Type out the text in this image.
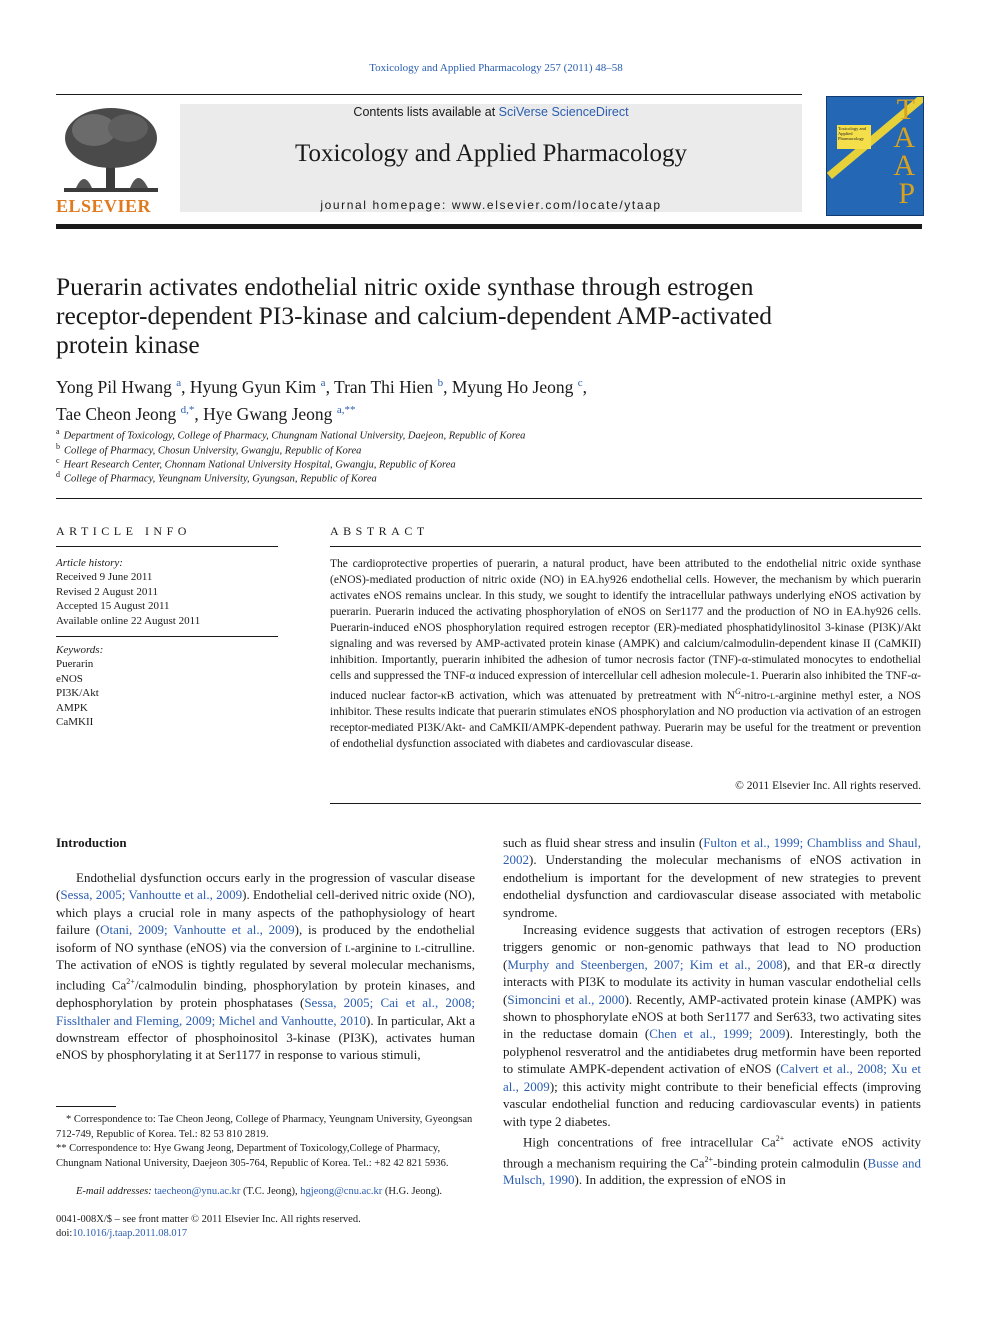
Toxicology and Applied Pharmacology 257 (2011) 48–58
ELSEVIER
Contents lists available at SciVerse ScienceDirect
Toxicology and Applied Pharmacology
journal homepage: www.elsevier.com/locate/ytaap
Toxicology and Applied Pharmacology
T
A
A
P
Puerarin activates endothelial nitric oxide synthase through estrogen receptor-dependent PI3-kinase and calcium-dependent AMP-activated protein kinase
Yong Pil Hwang $^a$, Hyung Gyun Kim $^a$, Tran Thi Hien $^b$, Myung Ho Jeong $^c$,
Tae Cheon Jeong $^{d,*}$, Hye Gwang Jeong $^{a,**}$
$^a$ Department of Toxicology, College of Pharmacy, Chungnam National University, Daejeon, Republic of Korea
$^b$ College of Pharmacy, Chosun University, Gwangju, Republic of Korea
$^c$ Heart Research Center, Chonnam National University Hospital, Gwangju, Republic of Korea
$^d$ College of Pharmacy, Yeungnam University, Gyungsan, Republic of Korea
ARTICLE INFO
Article history:
Received 9 June 2011
Revised 2 August 2011
Accepted 15 August 2011
Available online 22 August 2011
Keywords:
Puerarin
eNOS
PI3K/Akt
AMPK
CaMKII
ABSTRACT
The cardioprotective properties of puerarin, a natural product, have been attributed to the endothelial nitric oxide synthase (eNOS)-mediated production of nitric oxide (NO) in EA.hy926 endothelial cells. However, the mechanism by which puerarin activates eNOS remains unclear. In this study, we sought to identify the intracellular pathways underlying eNOS activation by puerarin. Puerarin induced the activating phosphorylation of eNOS on Ser1177 and the production of NO in EA.hy926 cells. Puerarin-induced eNOS phosphorylation required estrogen receptor (ER)-mediated phosphatidylinositol 3-kinase (PI3K)/Akt signaling and was reversed by AMP-activated protein kinase (AMPK) and calcium/calmodulin-dependent kinase II (CaMKII) inhibition. Importantly, puerarin inhibited the adhesion of tumor necrosis factor (TNF)-α-stimulated monocytes to endothelial cells and suppressed the TNF-α induced expression of intercellular cell adhesion molecule-1. Puerarin also inhibited the TNF-α-induced nuclear factor-κB activation, which was attenuated by pretreatment with $N^G-nitro-l$-arginine methyl ester, a NOS inhibitor. These results indicate that puerarin stimulates eNOS phosphorylation and NO production via activation of an estrogen receptor-mediated PI3K/Akt- and CaMKII/AMPK-dependent pathway. Puerarin may be useful for the treatment or prevention of endothelial dysfunction associated with diabetes and cardiovascular disease.
© 2011 Elsevier Inc. All rights reserved.
Introduction

Endothelial dysfunction occurs early in the progression of vascular disease (Sessa, 2005; Vanhoutte et al., 2009). Endothelial cell-derived nitric oxide (NO), which plays a crucial role in many aspects of the pathophysiology of heart failure (Otani, 2009; Vanhoutte et al., 2009), is produced by the endothelial isoform of NO synthase (eNOS) via the conversion of l-arginine to l-citrulline. The activation of eNOS is tightly regulated by several molecular mechanisms, including $Ca^{2+}$/calmodulin binding, phosphorylation by protein kinases, and dephosphorylation by protein phosphatases (Sessa, 2005; Cai et al., 2008; Fisslthaler and Fleming, 2009; Michel and Vanhoutte, 2010). In particular, Akt a downstream effector of phosphoinositol 3-kinase (PI3K), activates human eNOS by phosphorylating it at Ser1177 in response to various stimuli,

* Correspondence to: Tae Cheon Jeong, College of Pharmacy, Yeungnam University, Gyeongsan 712-749, Republic of Korea. Tel.: 82 53 810 2819.
** Correspondence to: Hye Gwang Jeong, Department of Toxicology,College of Pharmacy, Chungnam National University, Daejeon 305-764, Republic of Korea. Tel.: +82 42 821 5936.
E-mail addresses: taecheon@ynu.ac.kr (T.C. Jeong), hgjeong@cnu.ac.kr (H.G. Jeong).
0041-008X/$ – see front matter © 2011 Elsevier Inc. All rights reserved.
doi:10.1016/j.taap.2011.08.017

such as fluid shear stress and insulin (Fulton et al., 1999; Chambliss and Shaul, 2002). Understanding the molecular mechanisms of eNOS activation in endothelium is important for the development of new strategies to prevent endothelial dysfunction and cardiovascular disease associated with metabolic syndrome.

Increasing evidence suggests that activation of estrogen receptors (ERs) triggers genomic or non-genomic pathways that lead to NO production (Murphy and Steenbergen, 2007; Kim et al., 2008), and that ER-α directly interacts with PI3K to modulate its activity in human vascular endothelial cells (Simoncini et al., 2000). Recently, AMP-activated protein kinase (AMPK) was shown to phosphorylate eNOS at both Ser1177 and Ser633, two activating sites in the reductase domain (Chen et al., 1999; 2009). Interestingly, both the polyphenol resveratrol and the antidiabetes drug metformin have been reported to stimulate AMPK-dependent activation of eNOS (Calvert et al., 2008; Xu et al., 2009); this activity might contribute to their beneficial effects (improving vascular endothelial function and reducing cardiovascular events) in patients with type 2 diabetes.

High concentrations of free intracellular $Ca^{2+}$ activate eNOS activity through a mechanism requiring the $Ca^{2+}$-binding protein calmodulin (Busse and Mulsch, 1990). In addition, the expression of eNOS in
